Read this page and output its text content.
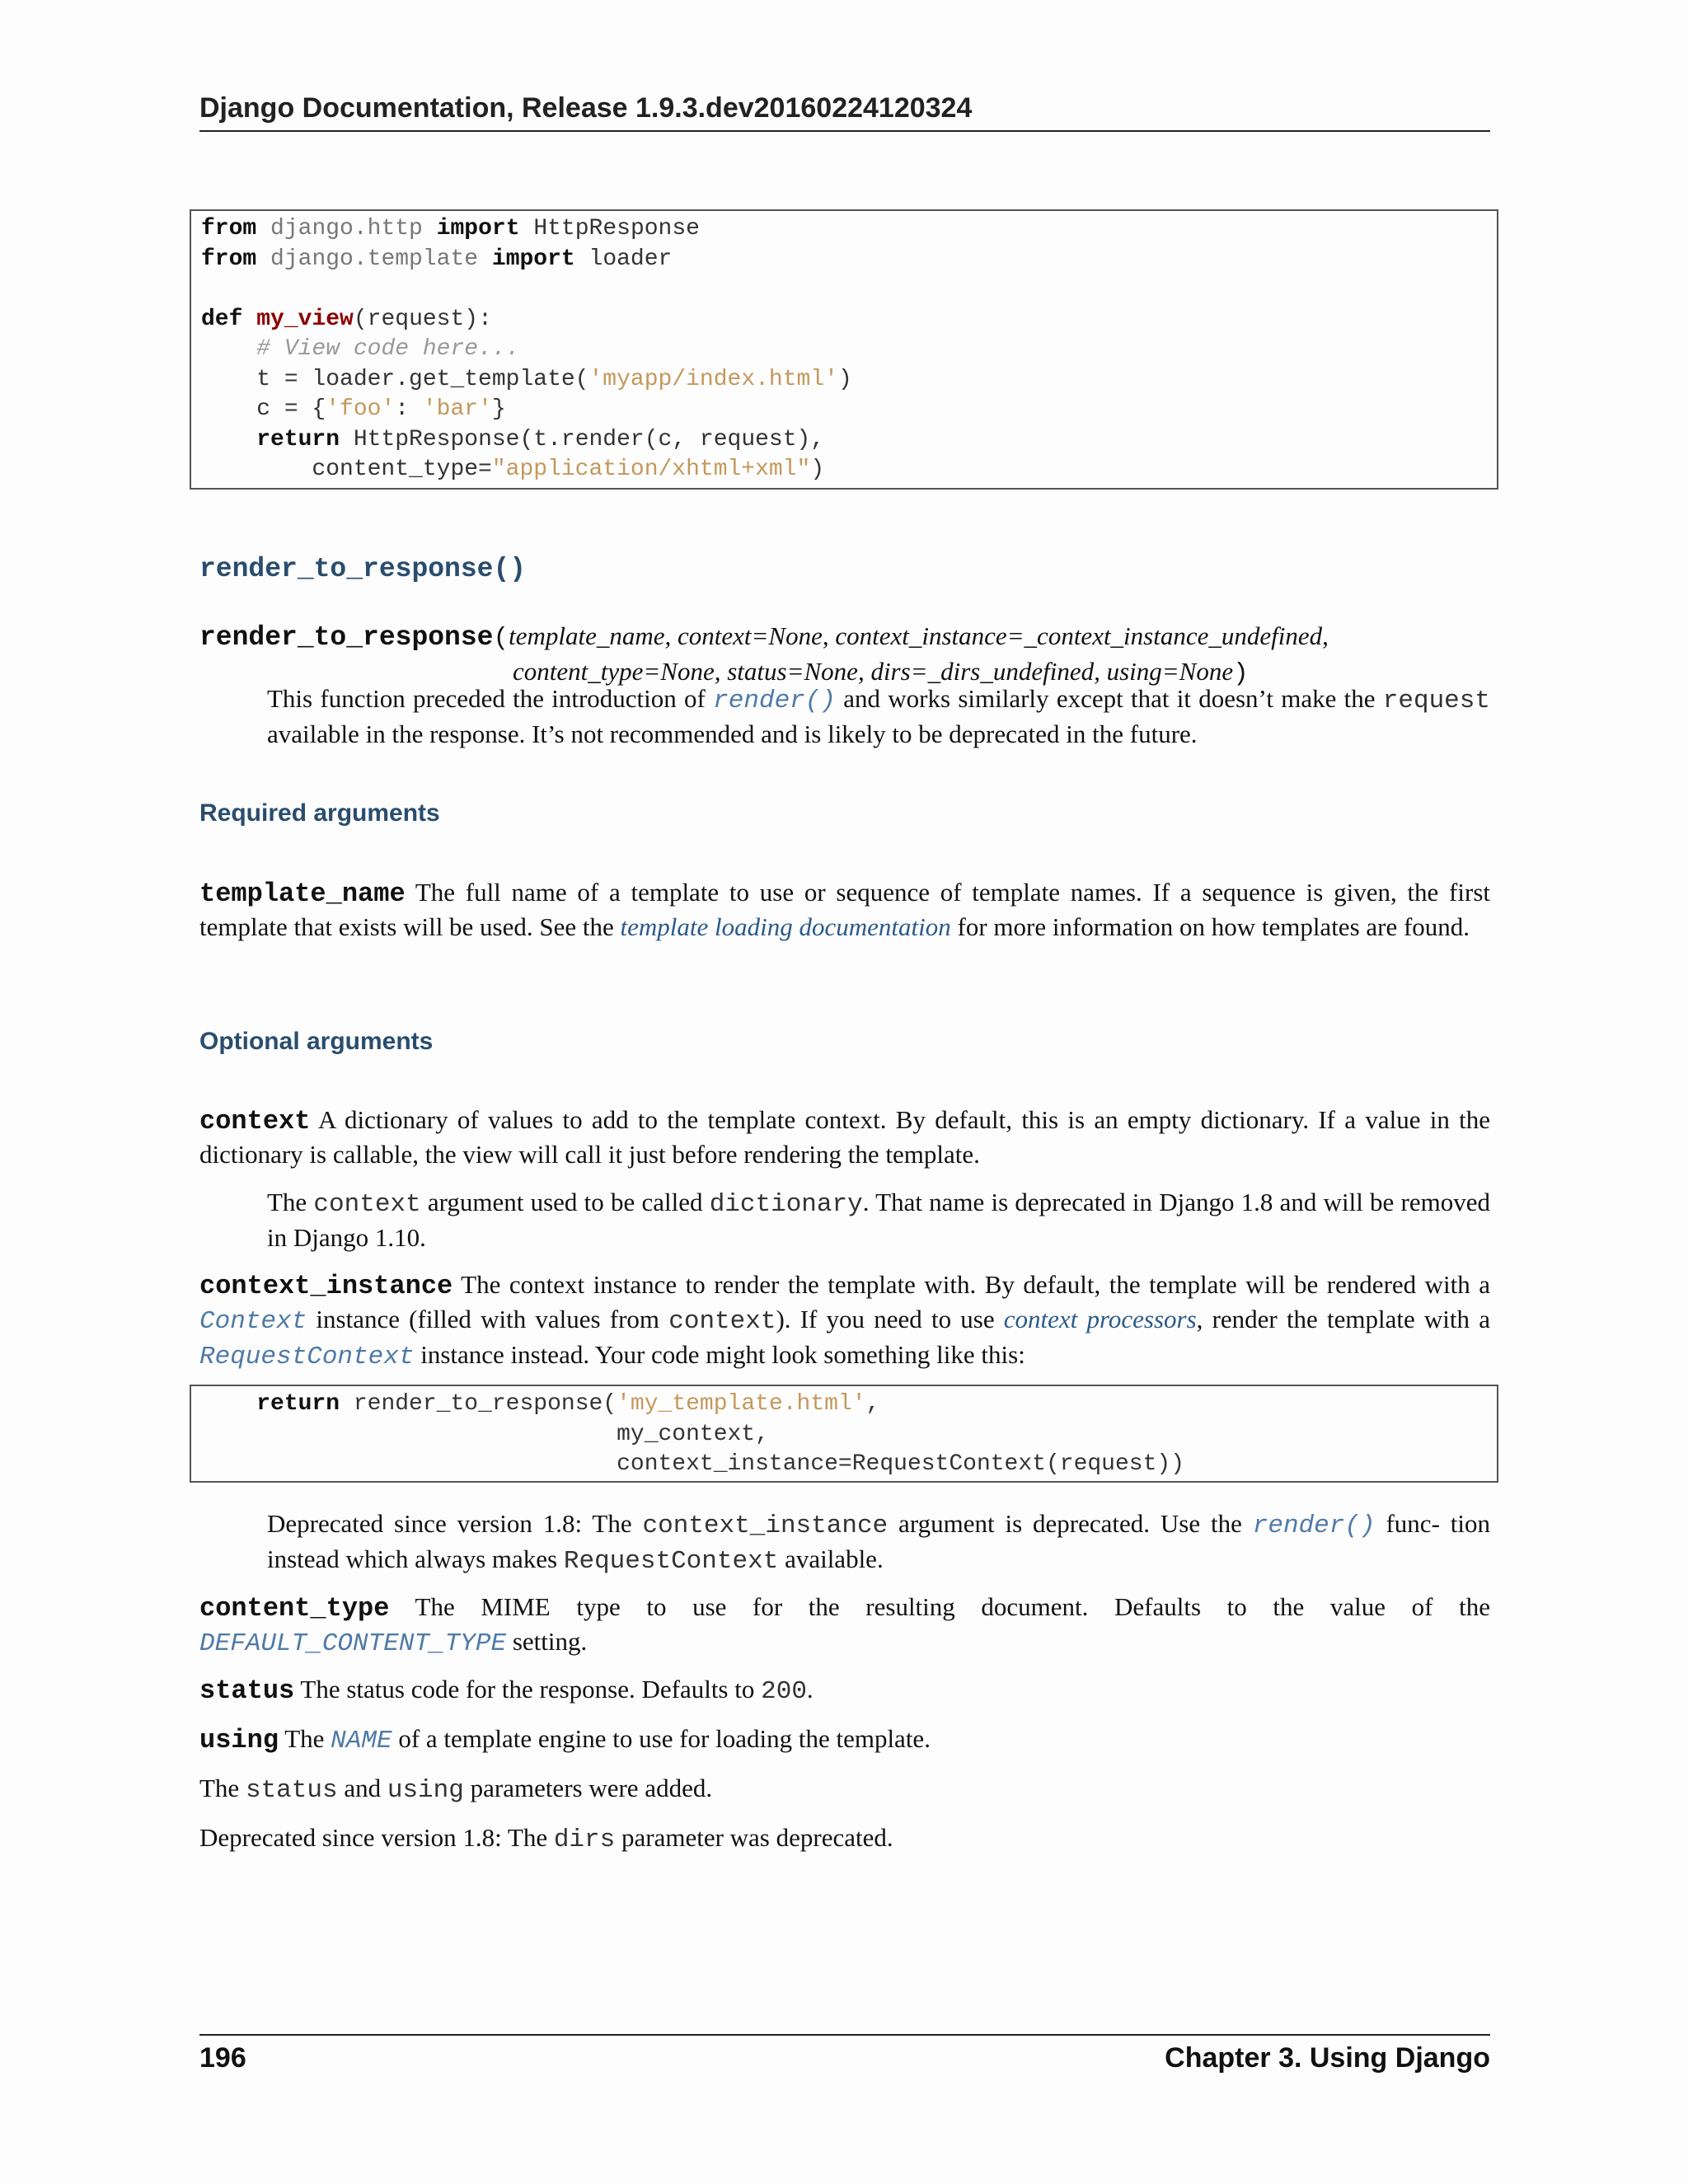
Django Documentation, Release 1.9.3.dev20160224120324
from django.http import HttpResponse
from django.template import loader

def my_view(request):
# View code here...
t = loader.get_template('myapp/index.html')
c = {'foo': 'bar'}
return HttpResponse(t.render(c, request),
content_type="application/xhtml+xml")
render_to_response()
render_to_response(template_name, context=None, context_instance=_context_instance_undefined,
content_type=None, status=None, dirs=_dirs_undefined, using=None)
This function preceded the introduction of render() and works similarly except that it doesn’t make the request available in the response. It’s not recommended and is likely to be deprecated in the future.
Required arguments
template_name The full name of a template to use or sequence of template names. If a sequence is given, the first template that exists will be used. See the template loading documentation for more information on how templates are found.
Optional arguments
context A dictionary of values to add to the template context. By default, this is an empty dictionary. If a value in the dictionary is callable, the view will call it just before rendering the template.
The context argument used to be called dictionary. That name is deprecated in Django 1.8 and will be removed in Django 1.10.
context_instance The context instance to render the template with. By default, the template will be rendered with a Context instance (filled with values from context). If you need to use context processors, render the template with a RequestContext instance instead. Your code might look something like this:
return render_to_response('my_template.html',
my_context,
context_instance=RequestContext(request))
Deprecated since version 1.8: The context_instance argument is deprecated. Use the render() func- tion instead which always makes RequestContext available.
content_type The MIME type to use for the resulting document. Defaults to the value of the DEFAULT_CONTENT_TYPE setting.
status The status code for the response. Defaults to 200.
using The NAME of a template engine to use for loading the template.
The status and using parameters were added.
Deprecated since version 1.8: The dirs parameter was deprecated.
196	Chapter 3. Using Django
